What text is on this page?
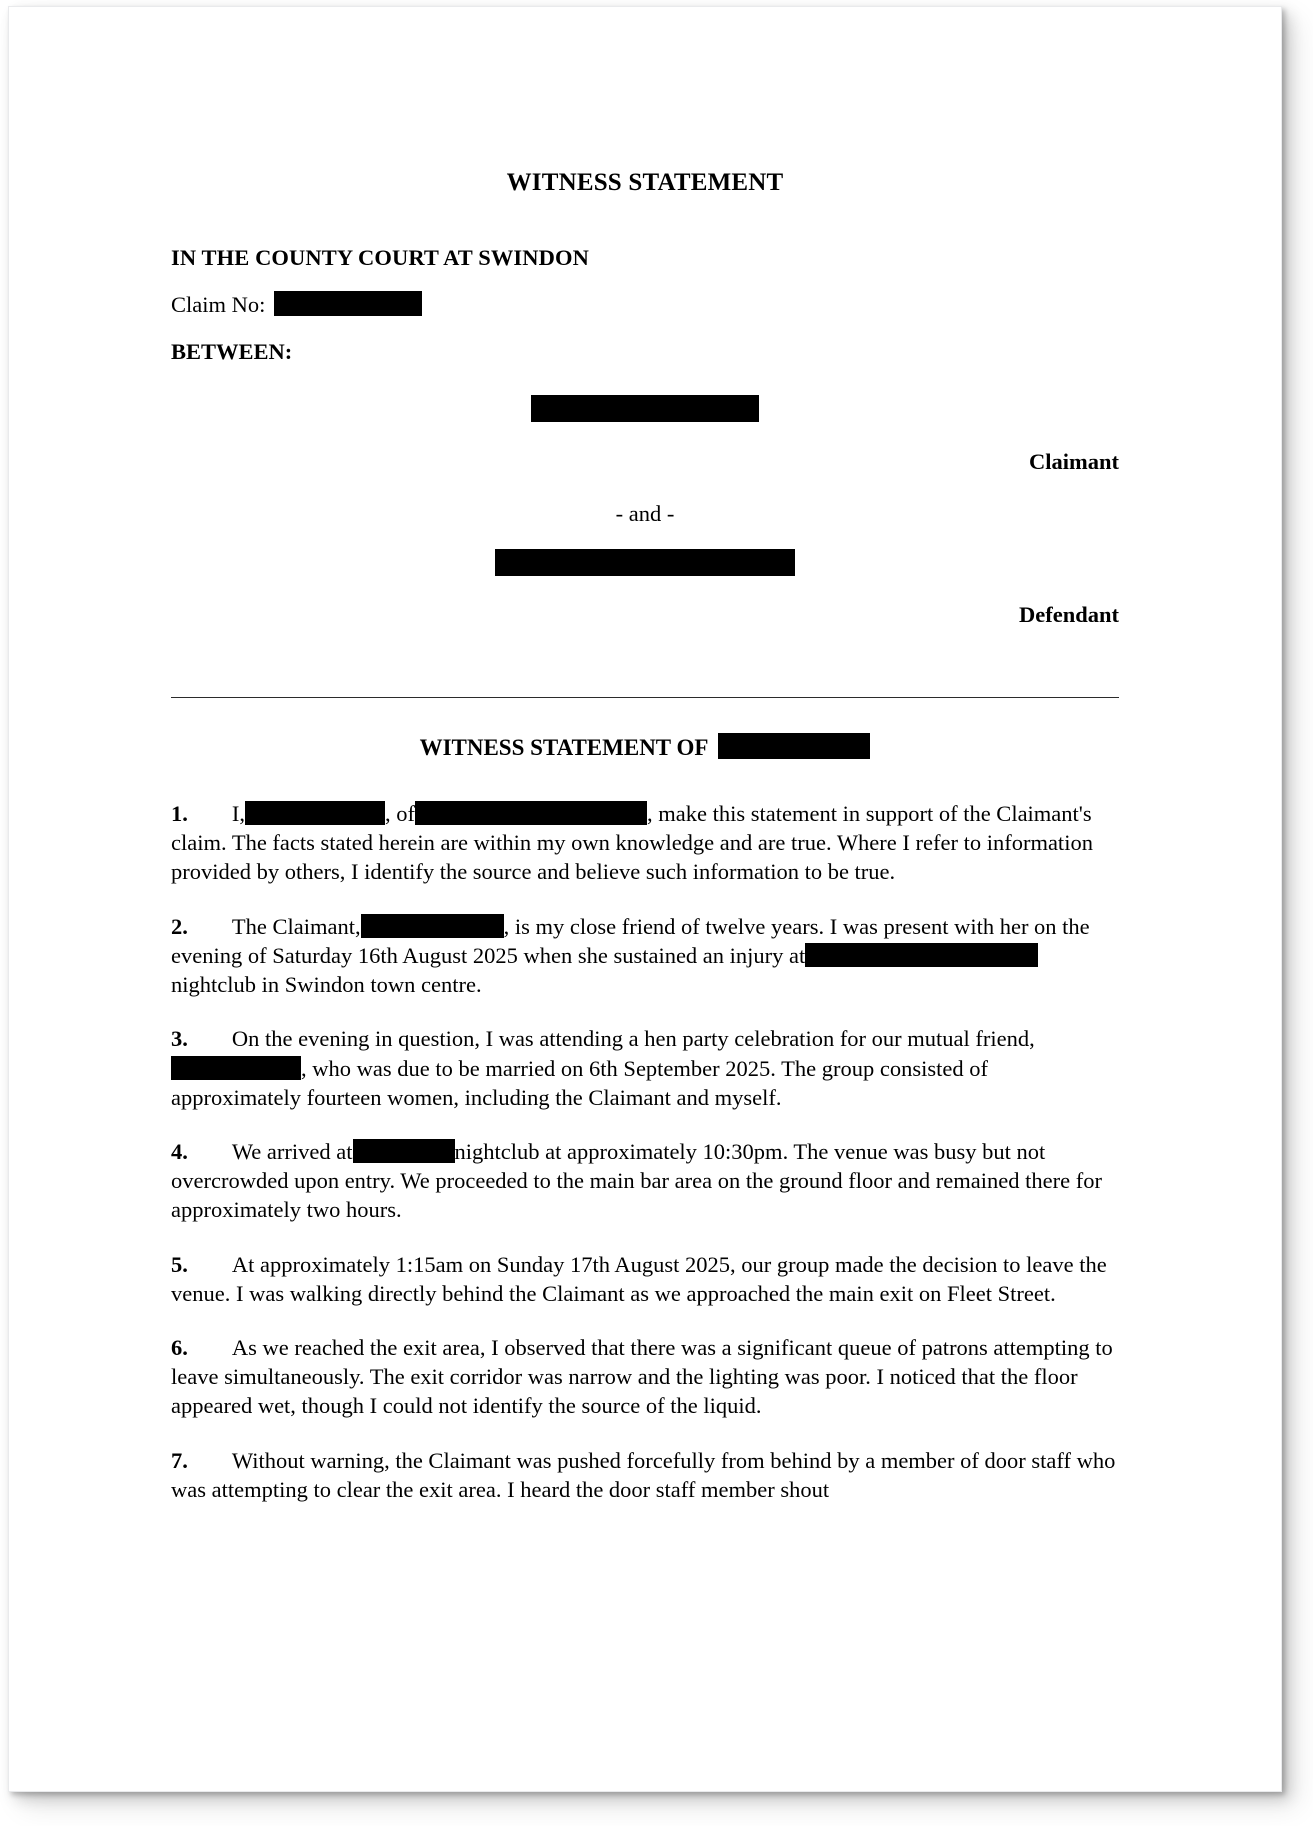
WITNESS STATEMENT

IN THE COUNTY COURT AT SWINDON

Claim No:

BETWEEN:

Claimant

- and -

Defendant

WITNESS STATEMENT OF

1. I,	, of	, make this statement in support of the Claimant's claim. The facts stated herein are within my own knowledge and are true. Where I refer to information provided by others, I identify the source and believe such information to be true.

2. The Claimant,	, is my close friend of twelve years. I was present with her on the evening of Saturday 16th August 2025 when she sustained an injury atnightclub in Swindon town centre.

3. On the evening in question, I was attending a hen party celebration for our mutual friend,, who was due to be married on 6th September 2025. The group consisted of approximately fourteen women, including the Claimant and myself.

4. We arrived at	nightclub at approximately 10:30pm. The venue was busy but not overcrowded upon entry. We proceeded to the main bar area on the ground floor and remained there for approximately two hours.

5. At approximately 1:15am on Sunday 17th August 2025, our group made the decision to leave the venue. I was walking directly behind the Claimant as we approached the main exit on Fleet Street.

6. As we reached the exit area, I observed that there was a significant queue of patrons attempting to leave simultaneously. The exit corridor was narrow and the lighting was poor. I noticed that the floor appeared wet, though I could not identify the source of the liquid.

7. Without warning, the Claimant was pushed forcefully from behind by a member of door staff who was attempting to clear the exit area. I heard the door staff member shout
